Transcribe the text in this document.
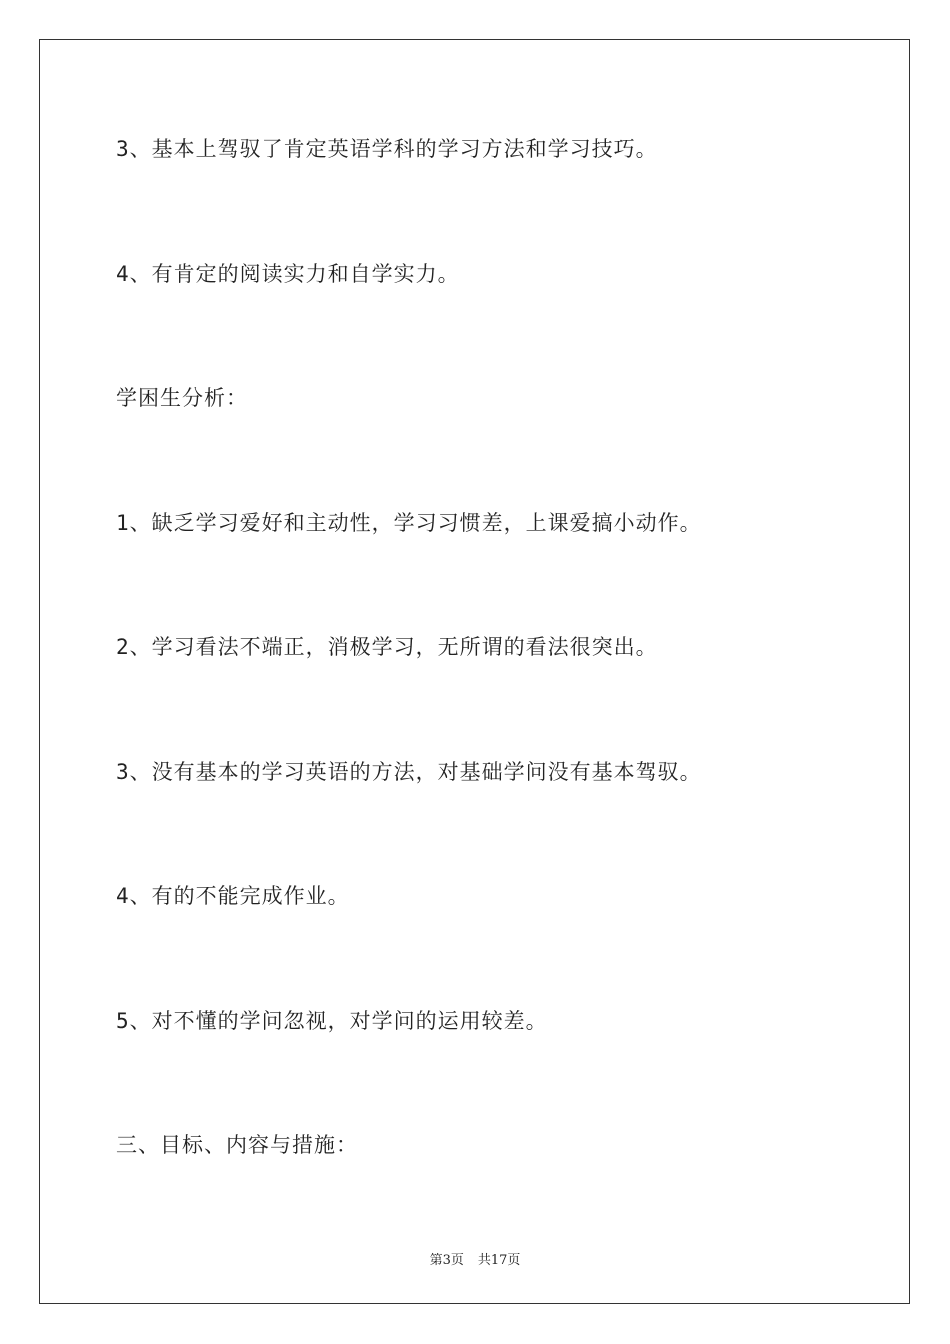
3、基本上驾驭了肯定英语学科的学习方法和学习技巧。
4、有肯定的阅读实力和自学实力。
学困生分析：
1、缺乏学习爱好和主动性，学习习惯差，上课爱搞小动作。
2、学习看法不端正，消极学习，无所谓的看法很突出。
3、没有基本的学习英语的方法，对基础学问没有基本驾驭。
4、有的不能完成作业。
5、对不懂的学问忽视，对学问的运用较差。
三、目标、内容与措施：
第3页 共17页
